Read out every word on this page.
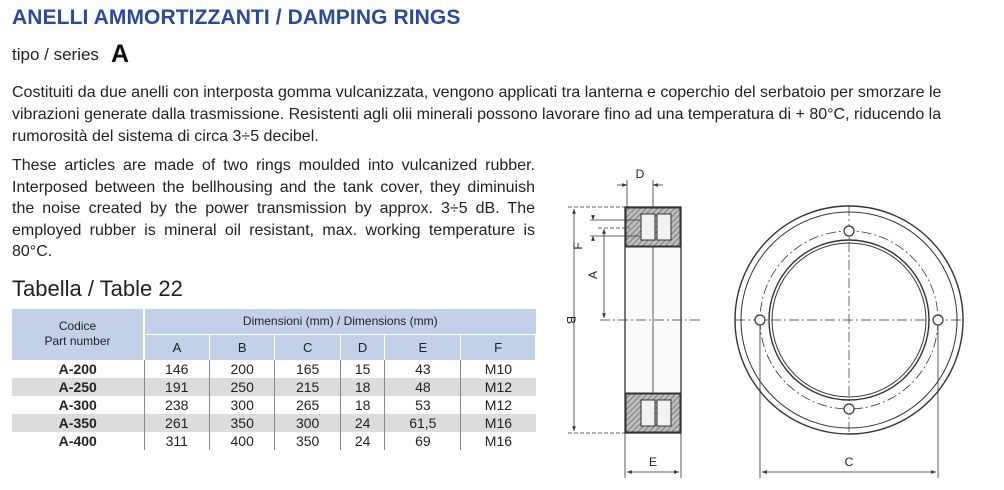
ANELLI AMMORTIZZANTI / DAMPING RINGS
tipo / series A

Costituiti da due anelli con interposta gomma vulcanizzata, vengono applicati tra lanterna e coperchio del serbatoio per smorzare le vibrazioni generate dalla trasmissione. Resistenti agli olii minerali possono lavorare fino ad una temperatura di + 80°C, riducendo la rumorosità del sistema di circa 3÷5 decibel.

These articles are made of two rings moulded into vulcanized rubber. Interposed between the bellhousing and the tank cover, they diminuish the noise created by the power transmission by approx. 3÷5 dB. The employed rubber is mineral oil resistant, max. working temperature is 80°C.

Tabella / Table 22
Codice
Part number	Dimensioni (mm) / Dimensions (mm)					
	A	B	C	D	E	F
A-200	146	200	165	15	43	M10
A-250	191	250	215	18	48	M12
A-300	238	300	265	18	53	M12
A-350	261	350	300	24	61,5	M16
A-400	311	400	350	24	69	M16
B
A
F
D
E	C
